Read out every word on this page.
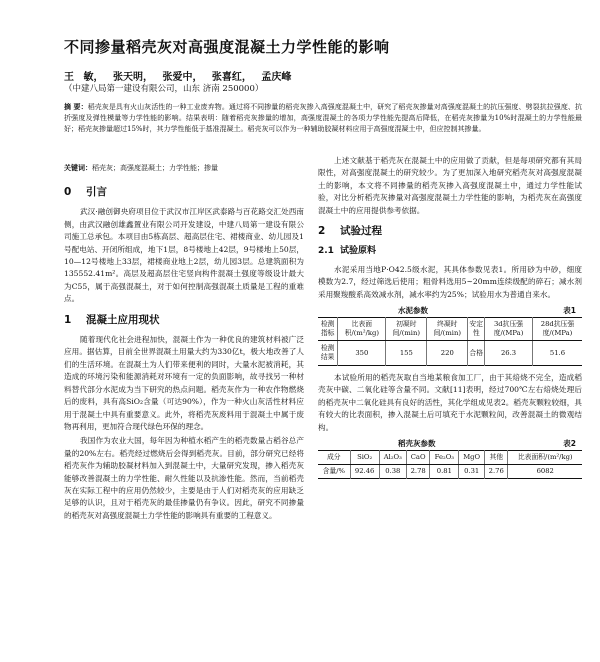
不同掺量稻壳灰对高强度混凝土力学性能的影响
王 敏， 张天明， 张爱中， 张喜红， 孟庆峰
（中建八局第一建设有限公司，山东 济南 250000）
摘 要：稻壳灰是具有火山灰活性的一种工业废弃物。通过将不同掺量的稻壳灰掺入高强度混凝土中，研究了稻壳灰掺量对高强度混凝土的抗压强度、劈裂抗拉强度、抗折强度及弹性模量等力学性能的影响。结果表明：随着稻壳灰掺量的增加，高强度混凝土的各项力学性能先提高后降低，在稻壳灰掺量为10%时混凝土的力学性能最好；稻壳灰掺量超过15%时，其力学性能低于基准混凝土。稻壳灰可以作为一种辅助胶凝材料应用于高强度混凝土中，但应控制其掺量。
关键词：稻壳灰；高强度混凝土；力学性能；掺量
0 引言

武汉·融创御央府项目位于武汉市江岸区武泰路与百花路交汇处西南侧，由武汉融创雄鑫置业有限公司开发建设，中建八局第一建设有限公司施工总承包。本项目由5栋高层、超高层住宅、裙楼商业、幼儿园及1号配电站、开闭所组成，地下1层，8号楼地上42层，9号楼地上50层，10—12号楼地上33层，裙楼商业地上2层，幼儿园3层。总建筑面积为135552.41m²。高层及超高层住宅竖向构件混凝土强度等级设计最大为C55，属于高强混凝土，对于如何控制高强混凝土质量是工程的重难点。

1 混凝土应用现状

随着现代化社会进程加快，混凝土作为一种优良的建筑材料被广泛应用。据估算，目前全世界混凝土用量大约为330亿t，极大地改善了人们的生活环境。在混凝土为人们带来便利的同时，大量水泥被消耗，其造成的环境污染和能源消耗对环境有一定的负面影响，故寻找另一种材料替代部分水泥成为当下研究的热点问题。稻壳灰作为一种农作物燃烧后的废料，具有高SiO₂含量（可达90%），作为一种火山灰活性材料应用于混凝土中具有重要意义。此外，将稻壳灰废料用于混凝土中属于废物再利用，更加符合现代绿色环保的理念。

我国作为农业大国，每年因为种植水稻产生的稻壳数量占稻谷总产量的20%左右。稻壳经过燃烧后会得到稻壳灰。目前，部分研究已经将稻壳灰作为辅助胶凝材料加入到混凝土中，大量研究发现，掺入稻壳灰能够改善混凝土的力学性能、耐久性能以及抗渗性能。然而，当前稻壳灰在实际工程中的应用仍然较少，主要是由于人们对稻壳灰的应用缺乏足够的认识，且对于稻壳灰的最佳掺量仍有争议。因此，研究不同掺量的稻壳灰对高强度混凝土力学性能的影响具有重要的工程意义。

上述文献基于稻壳灰在混凝土中的应用做了贡献，但是每项研究都有其局限性，对高强度混凝土的研究较少。为了更加深入地研究稻壳灰对高强度混凝土的影响，本文将不同掺量的稻壳灰掺入高强度混凝土中，通过力学性能试验，对比分析稻壳灰掺量对高强度混凝土力学性能的影响，为稻壳灰在高强度混凝土中的应用提供参考依据。

2 试验过程
2.1 试验原料

水泥采用当地P·O42.5级水泥，其具体参数见表1。所用砂为中砂，细度模数为2.7，经过筛选后使用；粗骨料选用5~20mm连续级配的碎石；减水剂采用聚羧酸系高效减水剂，减水率约为25%；试验用水为普通自来水。

水泥参数	表1
检测指标	比表面积/(m²/kg)	初凝时间/(min)	终凝时间/(min)	安定性	3d抗压强度/(MPa)	28d抗压强度/(MPa)
检测结果	350	155	220	合格	26.3	51.6

本试验所用的稻壳灰取自当地某粮食加工厂，由于其焙烧不完全，造成稻壳灰中碳、二氧化硅等含量不同。文献[11]表明，经过700℃左右焙烧处理后的稻壳灰中二氧化硅具有良好的活性，其化学组成见表2。稻壳灰颗粒较细，具有较大的比表面积，掺入混凝土后可填充于水泥颗粒间，改善混凝土的微观结构。

稻壳灰参数	表2
成分	SiO₂	Al₂O₃	CaO	Fe₂O₃	MgO	其他	比表面积/(m²/kg)
含量/%	92.46	0.38	2.78	0.81	0.31	2.76	6082
